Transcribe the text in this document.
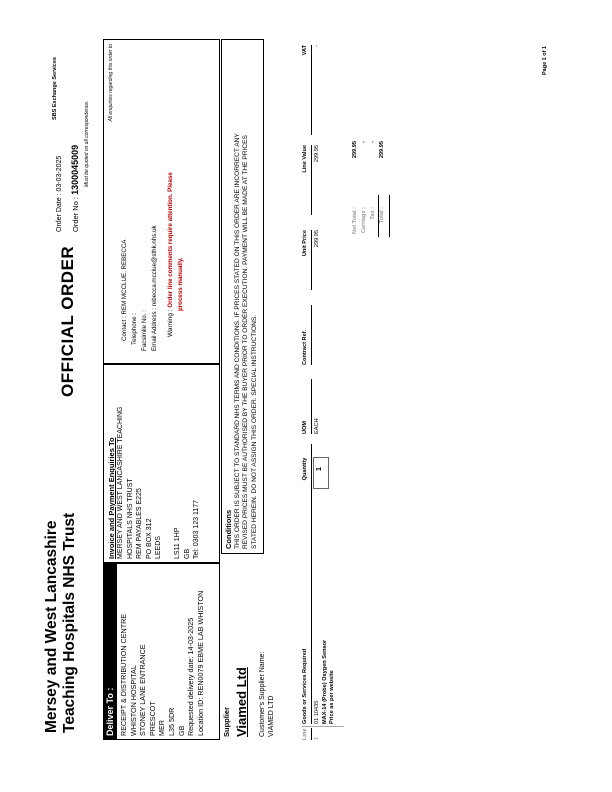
Mersey and West Lancashire Teaching Hospitals NHS Trust
OFFICIAL ORDER
Order Date : 03-03-2025 Order No : 1300045009 Must be quoted on all correspondence.
Deliver To : RECEIPT & DISTRIBUTION CENTRE WHISTON HOSPITAL STONEY LANE ENTRANCE PRESCOT MER L35 5DR GB Requested delivery date: 14-03-2025 Location ID: REN0079 EBME LAB WHISTON
Invoice and Payment Enquiries To MERSEY AND WEST LANCASHIRE TEACHING HOSPITALS NHS TRUST REM PAYABLES E225 PO BOX 312 LEEDS LS11 1HP GB Tel: 0303 123 1177
All enquiries regarding this order to
Contact : REM MCCLUE, REBECCA Telephone : Facsimile No. : Email Address : rebecca.mcclue@sthk.nhs.uk	Warning : Order line comments require attention. Please process manually.
Supplier Viamed Ltd Customer's Supplier Name: VIAMED LTD
Conditions THIS ORDER IS SUBJECT TO STANDARD NHS TERMS AND CONDITIONS. IF PRICES STATED ON THIS ORDER ARE INCORRECT ANY REVISED PRICES MUST BE AUTHORISED BY THE BUYER PRIOR TO ORDER EXECUTION. PAYMENT WILL BE MADE AT THE PRICES STATED HEREIN. DO NOT ASSIGN THIS ORDER. SPECIAL INSTRUCTIONS.
Line
Goods or Services Required
Quantity
UOM
Contract Ref.
Unit Price
Line Value
VAT
1
01 10435 MAX-14 (Probe) Oxygen Sensor Price as per website
1
EACH
299.95
299.95
-
Net Total :
299.95
Carriage :
-
Tax :
-
Total :
299.95
SBS Exchange Services	Page 1 of 1
